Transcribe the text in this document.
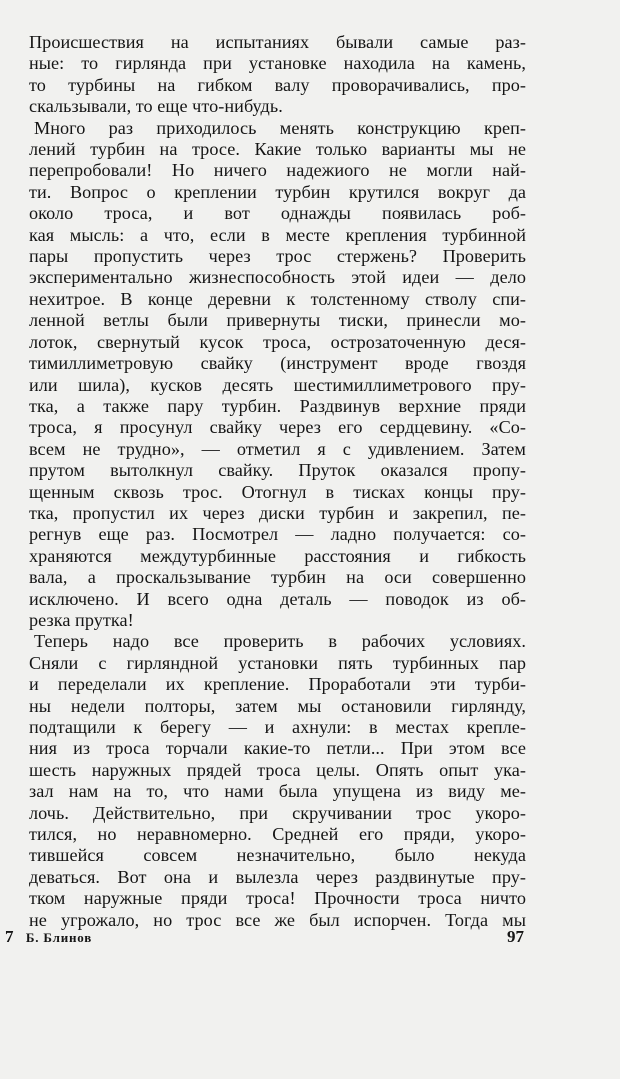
Происшествия на испытаниях бывали самые раз-

ные: то гирлянда при установке находила на камень,

то турбины на гибком валу проворачивались, про-

скальзывали, то еще что-нибудь.

Много раз приходилось менять конструкцию креп-

лений турбин на тросе. Какие только варианты мы не

перепробовали! Но ничего надежиого не могли най-

ти. Вопрос о креплении турбин крутился вокруг да

около троса, и вот однажды появилась роб-

кая мысль: а что, если в месте крепления турбинной

пары пропустить через трос стержень? Проверить

экспериментально жизнеспособность этой идеи — дело

нехитрое. В конце деревни к толстенному стволу спи-

ленной ветлы были привернуты тиски, принесли мо-

лоток, свернутый кусок троса, острозаточенную деся-

тимиллиметровую свайку (инструмент вроде гвоздя

или шила), кусков десять шестимиллиметрового пру-

тка, а также пару турбин. Раздвинув верхние пряди

троса, я просунул свайку через его сердцевину. «Со-

всем не трудно», — отметил я с удивлением. Затем

прутом вытолкнул свайку. Пруток оказался пропу-

щенным сквозь трос. Отогнул в тисках концы пру-

тка, пропустил их через диски турбин и закрепил, пе-

регнув еще раз. Посмотрел — ладно получается: со-

храняются междутурбинные расстояния и гибкость

вала, а проскальзывание турбин на оси совершенно

исключено. И всего одна деталь — поводок из об-

резка прутка!

Теперь надо все проверить в рабочих условиях.

Сняли с гирляндной установки пять турбинных пар

и переделали их крепление. Проработали эти турби-

ны недели полторы, затем мы остановили гирлянду,

подтащили к берегу — и ахнули: в местах крепле-

ния из троса торчали какие-то петли... При этом все

шесть наружных прядей троса целы. Опять опыт ука-

зал нам на то, что нами была упущена из виду ме-

лочь. Действительно, при скручивании трос укоро-

тился, но неравномерно. Средней его пряди, укоро-

тившейся совсем незначительно, было некуда

деваться. Вот она и вылезла через раздвинутые пру-

тком наружные пряди троса! Прочности троса ничто

не угрожало, но трос все же был испорчен. Тогда мы

7 Б. Блинов	97
